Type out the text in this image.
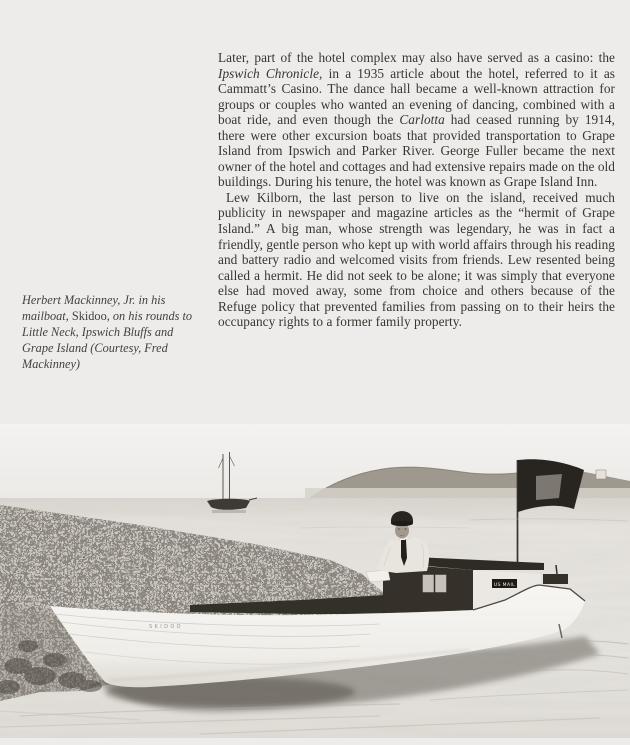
Later, part of the hotel complex may also have served as a casino: the Ipswich Chronicle, in a 1935 article about the hotel, referred to it as Cammatt’s Casino. The dance hall became a well-known attraction for groups or couples who wanted an evening of dancing, combined with a boat ride, and even though the Carlotta had ceased running by 1914, there were other excursion boats that provided transportation to Grape Island from Ipswich and Parker River. George Fuller became the next owner of the hotel and cottages and had extensive repairs made on the old buildings. During his tenure, the hotel was known as Grape Island Inn.

Lew Kilborn, the last person to live on the island, received much publicity in newspaper and magazine articles as the “hermit of Grape Island.” A big man, whose strength was legendary, he was in fact a friendly, gentle person who kept up with world affairs through his reading and battery radio and welcomed visits from friends. Lew resented being called a hermit. He did not seek to be alone; it was simply that everyone else had moved away, some from choice and others because of the Refuge policy that prevented families from passing on to their heirs the occupancy rights to a former family property.

Herbert Mackinney, Jr. in his mailboat, Skidoo, on his rounds to Little Neck, Ipswich Bluffs and Grape Island (Courtesy, Fred Mackinney)
US MAIL
SKIDOO
